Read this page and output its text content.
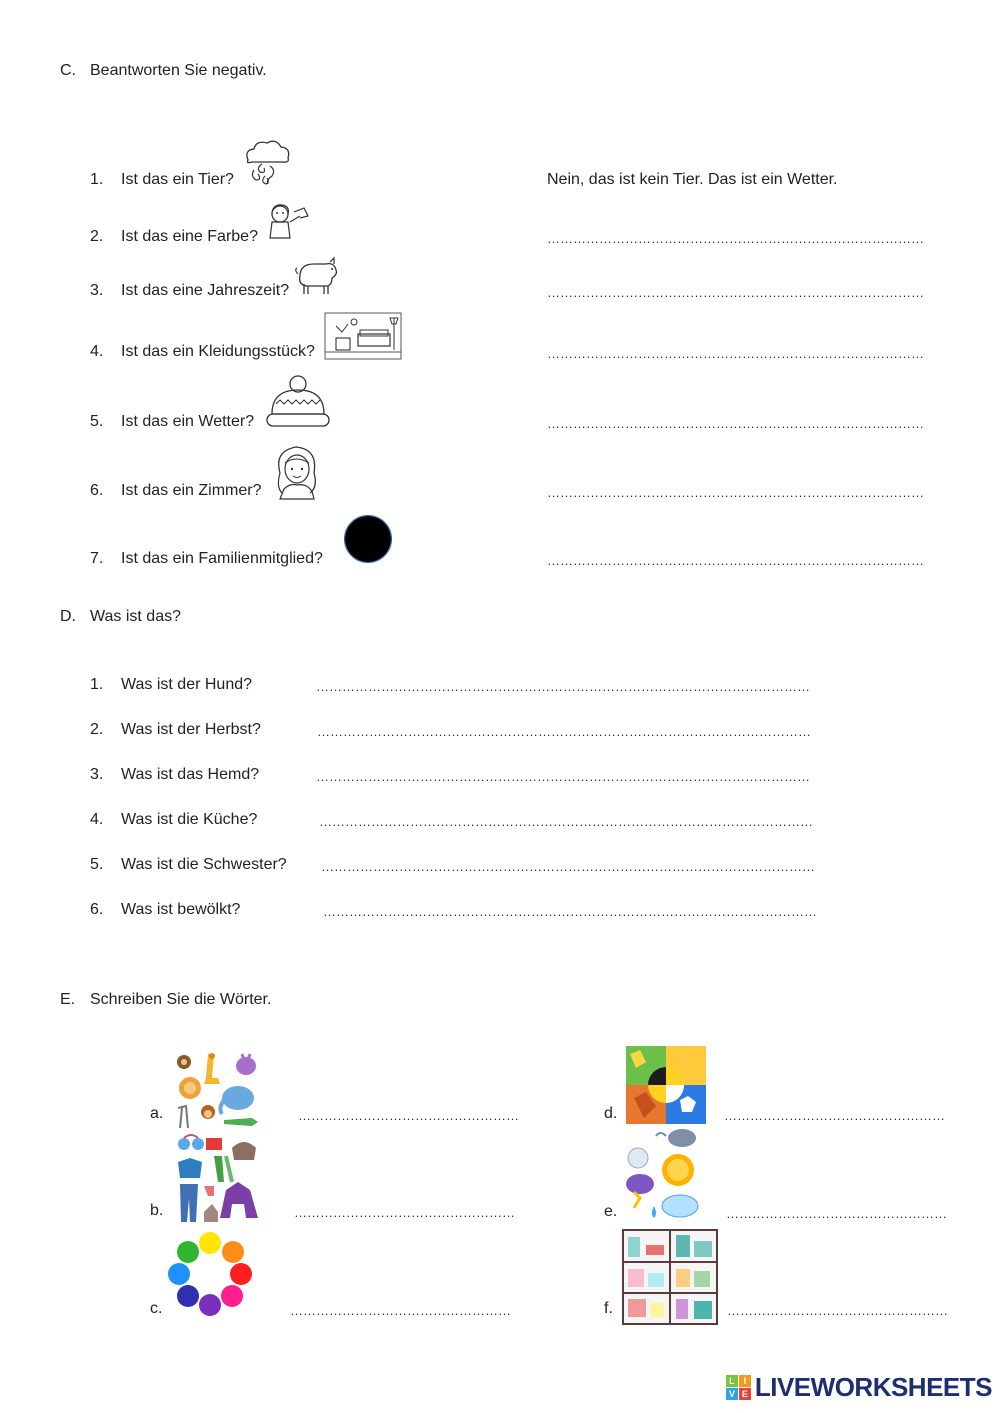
C. Beantworten Sie negativ.
1. Ist das ein Tier?	Nein, das ist kein Tier. Das ist ein Wetter.
2. Ist das eine Farbe?	……………………………………………………………………………
3. Ist das eine Jahreszeit?	……………………………………………………………………………
4. Ist das ein Kleidungsstück?	……………………………………………………………………………
5. Ist das ein Wetter?	……………………………………………………………………………
6. Ist das ein Zimmer?	……………………………………………………………………………
7. Ist das ein Familienmitglied?	……………………………………………………………………………
D. Was ist das?
1. Was ist der Hund?	……………………………………………………………………………………………………
2. Was ist der Herbst?	……………………………………………………………………………………………………
3. Was ist das Hemd?	……………………………………………………………………………………………………
4. Was ist die Küche?	……………………………………………………………………………………………………
5. Was ist die Schwester?	……………………………………………………………………………………………………
6. Was ist bewölkt?	……………………………………………………………………………………………………
E. Schreiben Sie die Wörter.
a.	……………………………………………
b.	……………………………………………
c.	……………………………………………
d.	……………………………………………
e.	……………………………………………
f.	……………………………………………
L I
V E LIVEWORKSHEETS
